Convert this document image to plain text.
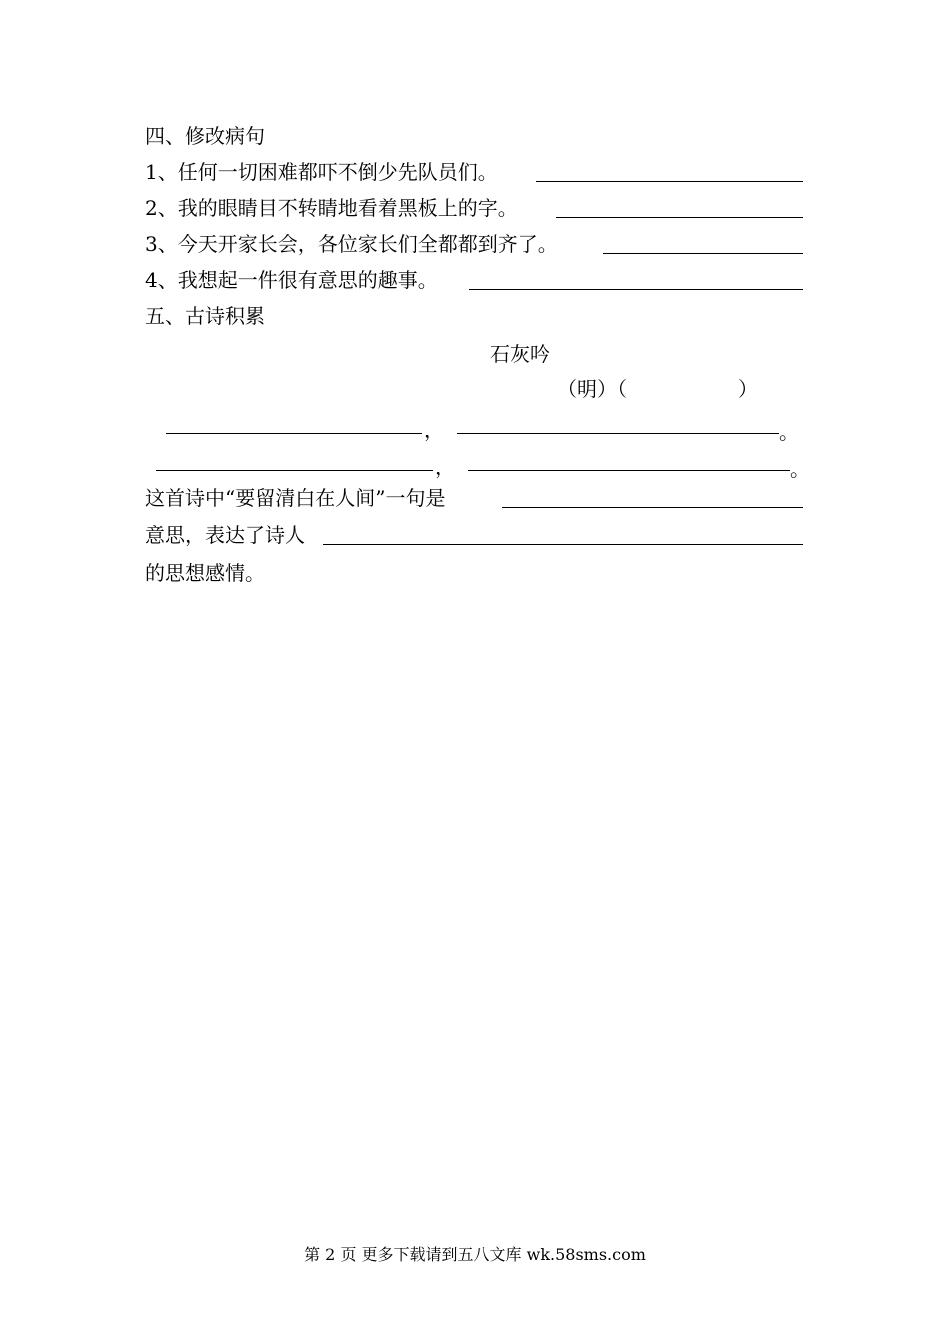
四、修改病句
1、任何一切困难都吓不倒少先队员们。
2、我的眼睛目不转睛地看着黑板上的字。
3、今天开家长会，各位家长们全都都到齐了。
4、我想起一件很有意思的趣事。
五、古诗积累
石灰吟
（明）（	）
，	。
，	。
这首诗中“要留清白在人间”一句是
意思，表达了诗人
的思想感情。
第 2 页 更多下载请到五八文库 wk.58sms.com
